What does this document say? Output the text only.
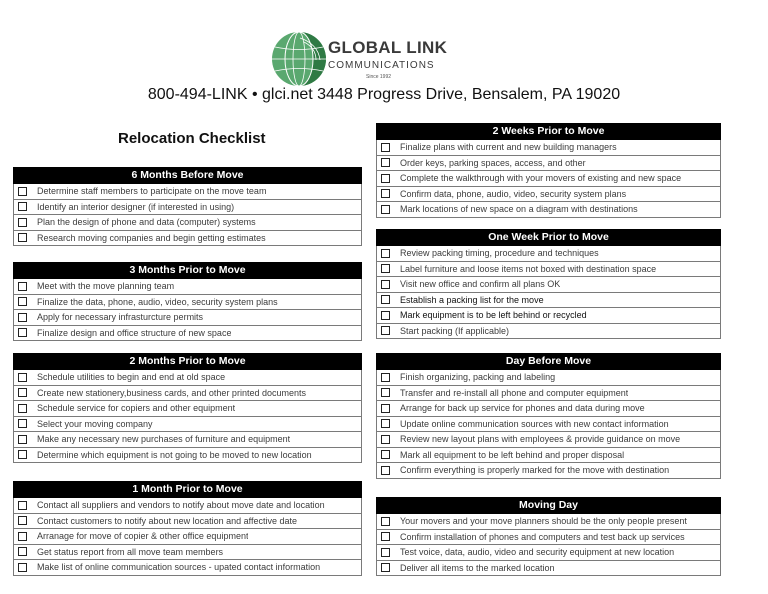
GLOBAL LINK
COMMUNICATIONS
Since 1992
800-494-LINK • glci.net 3448 Progress Drive, Bensalem, PA 19020
Relocation Checklist
6 Months Before Move
Determine staff members to participate on the move team
Identify an interior designer (if interested in using)
Plan the design of phone and data (computer) systems
Research moving companies and begin getting estimates
3 Months Prior to Move
Meet with the move planning team
Finalize the data, phone, audio, video, security system plans
Apply for necessary infrasturcture permits
Finalize design and office structure of new space
2 Months Prior to Move
Schedule utilities to begin and end at old space
Create new stationery,business cards, and other printed documents
Schedule service for copiers and other equipment
Select your moving company
Make any necessary new purchases of furniture and equipment
Determine which equipment is not going to be moved to new location
1 Month Prior to Move
Contact all suppliers and vendors to notify about move date and location
Contact customers to notify about new location and affective date
Arranage for move of copier & other office equipment
Get status report from all move team members
Make list of online communication sources - upated contact information
2 Weeks Prior to Move
Finalize plans with current and new building managers
Order keys, parking spaces, access, and other
Complete the walkthrough with your movers of existing and new space
Confirm data, phone, audio, video, security system plans
Mark locations of new space on a diagram with destinations
One Week Prior to Move
Review packing timing, procedure and techniques
Label furniture and loose items not boxed with destination space
Visit new office and confirm all plans OK
Establish a packing list for the move
Mark equipment is to be left behind or recycled
Start packing (If applicable)
Day Before Move
Finish organizing, packing and labeling
Transfer and re-install all phone and computer equipment
Arrange for back up service for phones and data during move
Update online communication sources with new contact information
Review new layout plans with employees & provide guidance on move
Mark all equipment to be left behind and proper disposal
Confirm everything is properly marked for the move with destination
Moving Day
Your movers and your move planners should be the only people present
Confirm installation of phones and computers and test back up services
Test voice, data, audio, video and security equipment at new location
Deliver all items to the marked location
